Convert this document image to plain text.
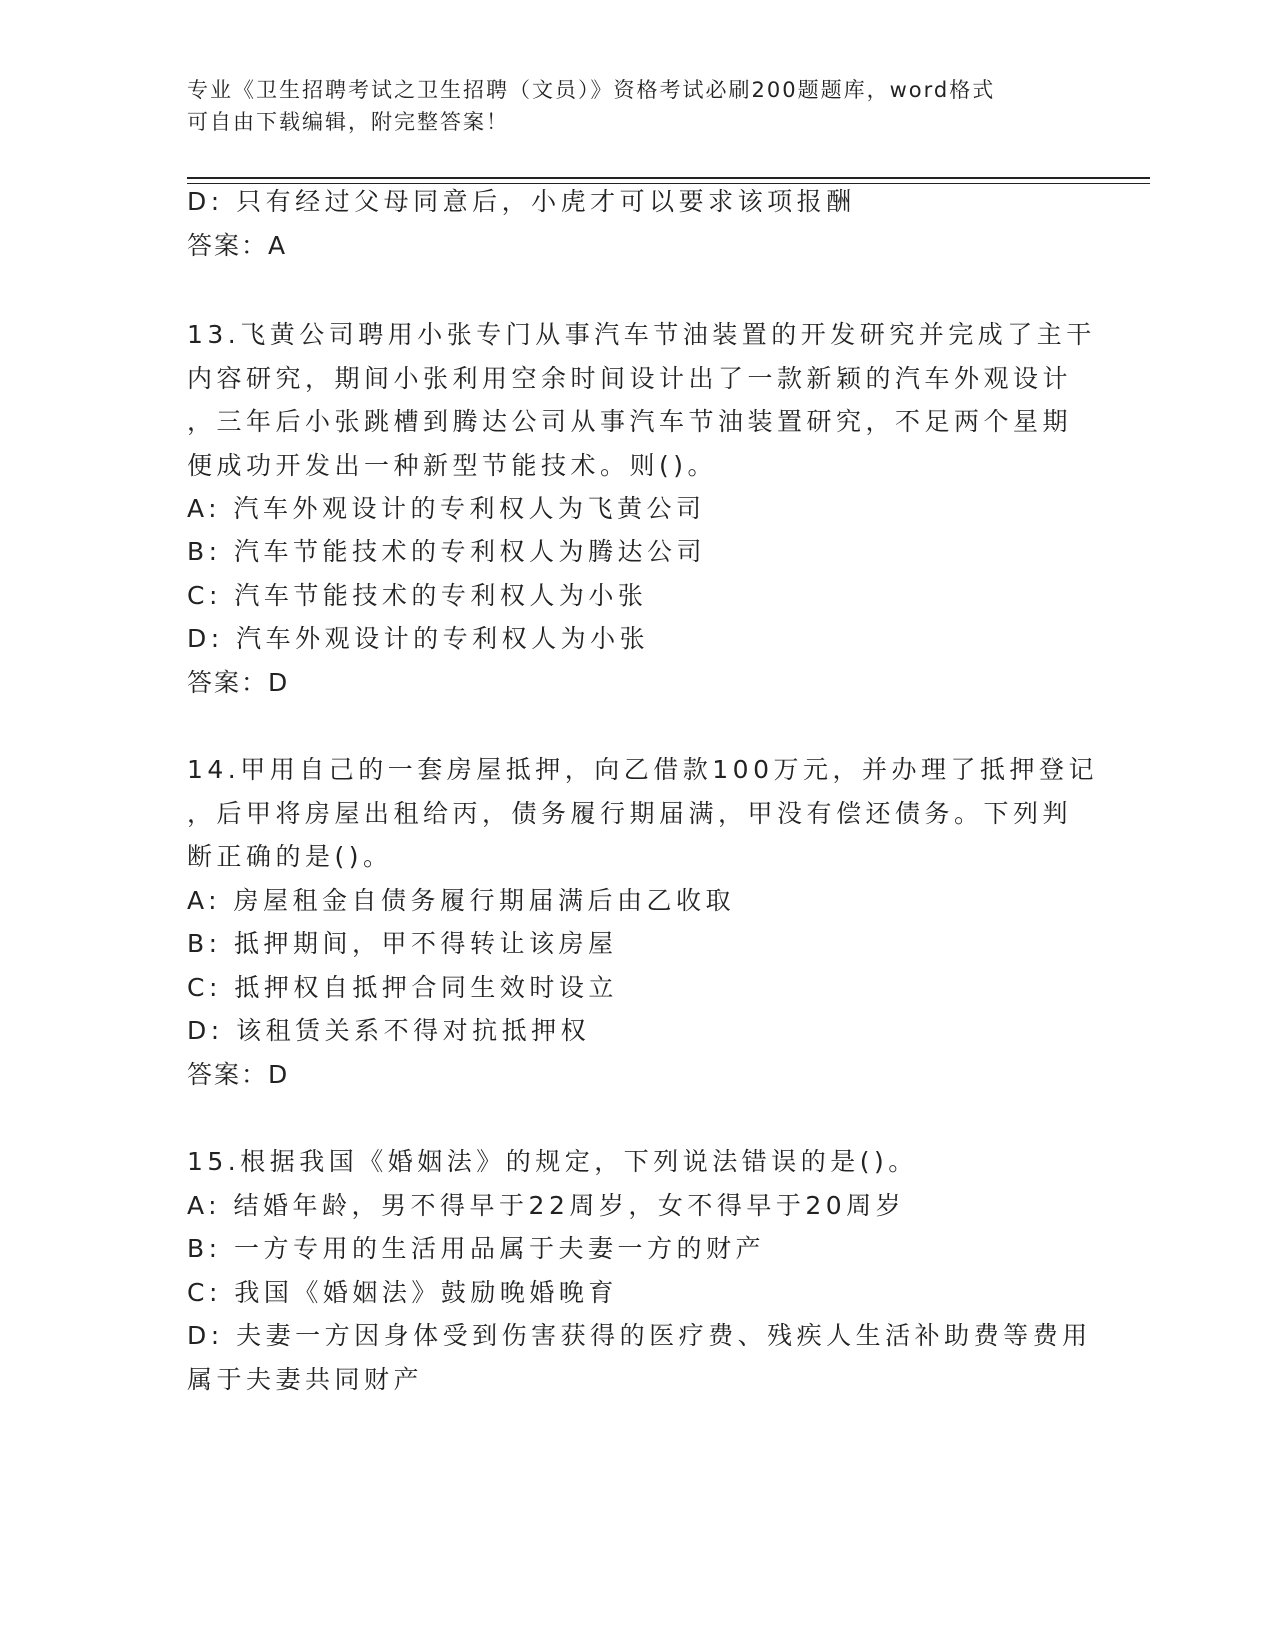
专业《卫生招聘考试之卫生招聘（文员）》资格考试必刷200题题库，word格式
可自由下载编辑，附完整答案！
D: 只有经过父母同意后，小虎才可以要求该项报酬
答案：A
13.飞黄公司聘用小张专门从事汽车节油装置的开发研究并完成了主干
内容研究，期间小张利用空余时间设计出了一款新颖的汽车外观设计
，三年后小张跳槽到腾达公司从事汽车节油装置研究，不足两个星期
便成功开发出一种新型节能技术。则()。
A: 汽车外观设计的专利权人为飞黄公司
B: 汽车节能技术的专利权人为腾达公司
C: 汽车节能技术的专利权人为小张
D: 汽车外观设计的专利权人为小张
答案：D
14.甲用自己的一套房屋抵押，向乙借款100万元，并办理了抵押登记
，后甲将房屋出租给丙，债务履行期届满，甲没有偿还债务。下列判
断正确的是()。
A: 房屋租金自债务履行期届满后由乙收取
B: 抵押期间，甲不得转让该房屋
C: 抵押权自抵押合同生效时设立
D: 该租赁关系不得对抗抵押权
答案：D
15.根据我国《婚姻法》的规定，下列说法错误的是()。
A: 结婚年龄，男不得早于22周岁，女不得早于20周岁
B: 一方专用的生活用品属于夫妻一方的财产
C: 我国《婚姻法》鼓励晚婚晚育
D: 夫妻一方因身体受到伤害获得的医疗费、残疾人生活补助费等费用
属于夫妻共同财产
